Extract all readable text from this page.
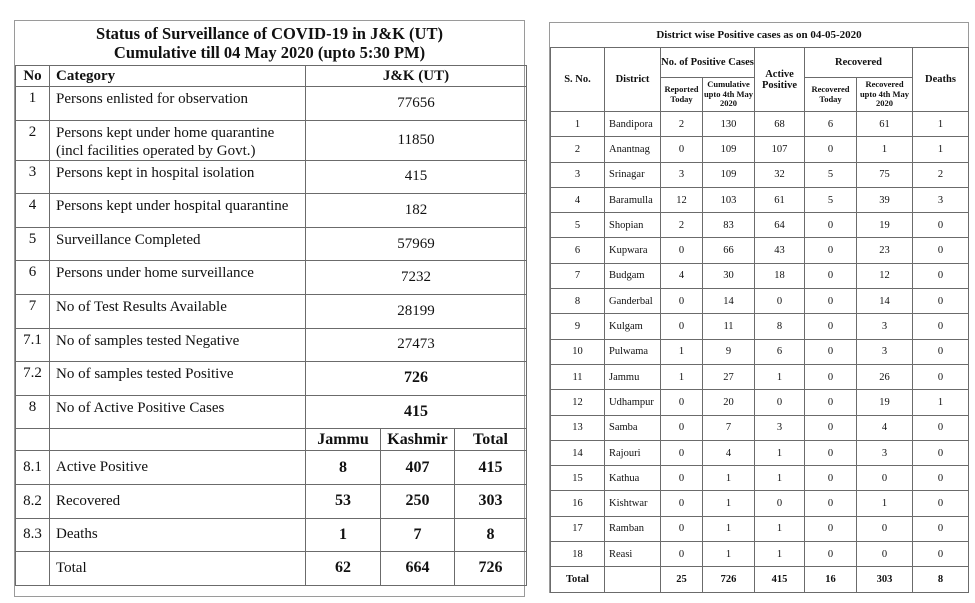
Status of Surveillance of COVID-19 in J&K (UT)
Cumulative till 04 May 2020 (upto 5:30 PM)
No	Category	J&K (UT)		
1	Persons enlisted for observation	77656		
2	Persons kept under home quarantine (incl facilities operated by Govt.)	11850		
3	Persons kept in hospital isolation	415		
4	Persons kept under hospital quarantine	182		
5	Surveillance Completed	57969		
6	Persons under home surveillance	7232		
7	No of Test Results Available	28199		
7.1	No of samples tested Negative	27473		
7.2	No of samples tested Positive	726		
8	No of Active Positive Cases	415		
		Jammu	Kashmir	Total
8.1	Active Positive	8	407	415
8.2	Recovered	53	250	303
8.3	Deaths	1	7	8
	Total	62	664	726
District wise Positive cases as on 04-05-2020
S. No.	District	No. of Positive Cases		Active Positive	Recovered		Deaths
		Reported Today	Cumulative upto 4th May 2020		Recovered Today	Recovered upto 4th May 2020	
1	Bandipora	2	130	68	6	61	1
2	Anantnag	0	109	107	0	1	1
3	Srinagar	3	109	32	5	75	2
4	Baramulla	12	103	61	5	39	3
5	Shopian	2	83	64	0	19	0
6	Kupwara	0	66	43	0	23	0
7	Budgam	4	30	18	0	12	0
8	Ganderbal	0	14	0	0	14	0
9	Kulgam	0	11	8	0	3	0
10	Pulwama	1	9	6	0	3	0
11	Jammu	1	27	1	0	26	0
12	Udhampur	0	20	0	0	19	1
13	Samba	0	7	3	0	4	0
14	Rajouri	0	4	1	0	3	0
15	Kathua	0	1	1	0	0	0
16	Kishtwar	0	1	0	0	1	0
17	Ramban	0	1	1	0	0	0
18	Reasi	0	1	1	0	0	0
Total		25	726	415	16	303	8
